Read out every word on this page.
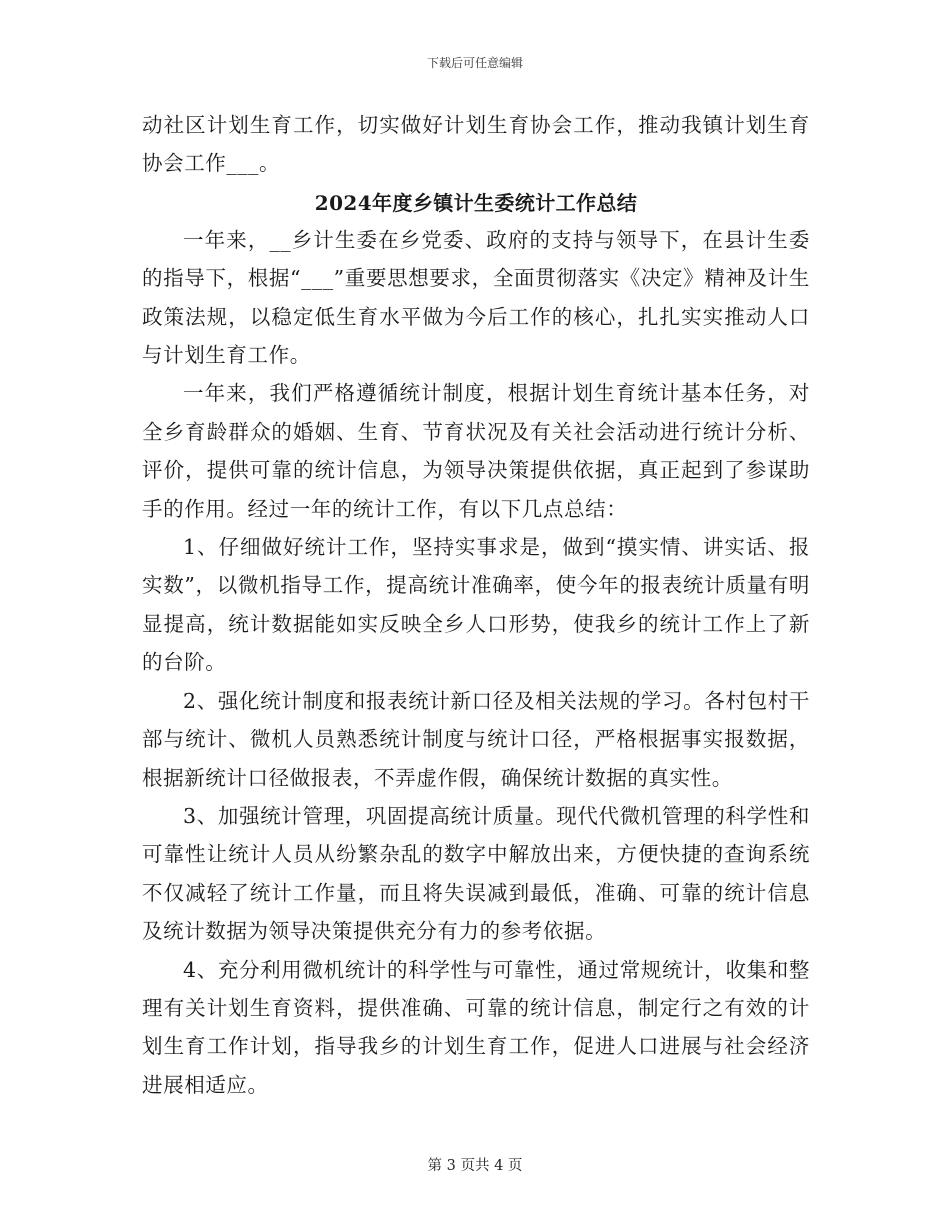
下载后可任意编辑

动社区计划生育工作，切实做好计划生育协会工作，推动我镇计划生育协会工作___。

2024年度乡镇计生委统计工作总结

一年来，__乡计生委在乡党委、政府的支持与领导下，在县计生委的指导下，根据“___”重要思想要求，全面贯彻落实《决定》精神及计生政策法规，以稳定低生育水平做为今后工作的核心，扎扎实实推动人口与计划生育工作。

一年来，我们严格遵循统计制度，根据计划生育统计基本任务，对全乡育龄群众的婚姻、生育、节育状况及有关社会活动进行统计分析、评价，提供可靠的统计信息，为领导决策提供依据，真正起到了参谋助手的作用。经过一年的统计工作，有以下几点总结：

1、仔细做好统计工作，坚持实事求是，做到“摸实情、讲实话、报实数”，以微机指导工作，提高统计准确率，使今年的报表统计质量有明显提高，统计数据能如实反映全乡人口形势，使我乡的统计工作上了新的台阶。

2、强化统计制度和报表统计新口径及相关法规的学习。各村包村干部与统计、微机人员熟悉统计制度与统计口径，严格根据事实报数据，根据新统计口径做报表，不弄虚作假，确保统计数据的真实性。

3、加强统计管理，巩固提高统计质量。现代代微机管理的科学性和可靠性让统计人员从纷繁杂乱的数字中解放出来，方便快捷的查询系统不仅减轻了统计工作量，而且将失误减到最低，准确、可靠的统计信息及统计数据为领导决策提供充分有力的参考依据。

4、充分利用微机统计的科学性与可靠性，通过常规统计，收集和整理有关计划生育资料，提供准确、可靠的统计信息，制定行之有效的计划生育工作计划，指导我乡的计划生育工作，促进人口进展与社会经济进展相适应。

第 3 页共 4 页
